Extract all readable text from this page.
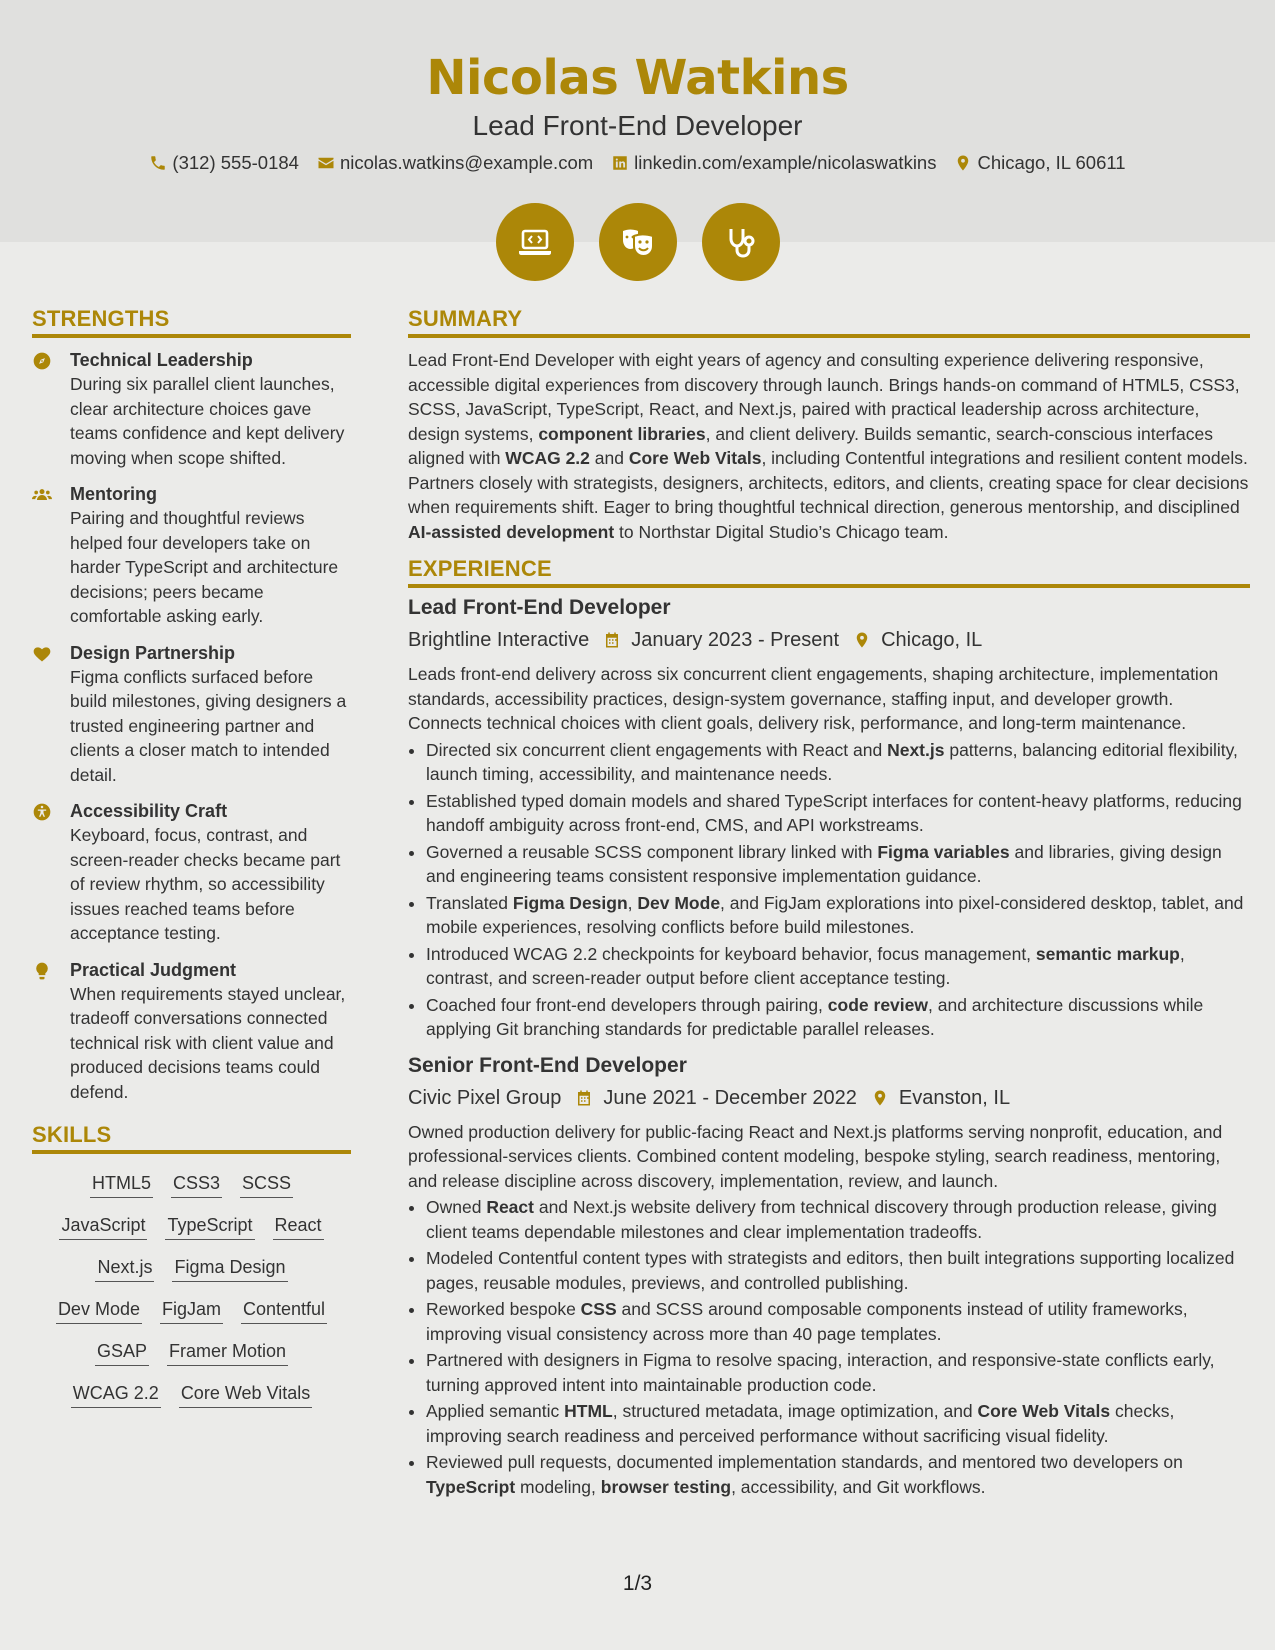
Nicolas Watkins
Lead Front-End Developer
(312) 555-0184 nicolas.watkins@example.com linkedin.com/example/nicolaswatkins Chicago, IL 60611
STRENGTHS
Technical Leadership
During six parallel client launches, clear architecture choices gave teams confidence and kept delivery moving when scope shifted.
Mentoring
Pairing and thoughtful reviews helped four developers take on harder TypeScript and architecture decisions; peers became comfortable asking early.
Design Partnership
Figma conflicts surfaced before build milestones, giving designers a trusted engineering partner and clients a closer match to intended detail.
Accessibility Craft
Keyboard, focus, contrast, and screen-reader checks became part of review rhythm, so accessibility issues reached teams before acceptance testing.
Practical Judgment
When requirements stayed unclear, tradeoff conversations connected technical risk with client value and produced decisions teams could defend.
SKILLS
HTML5 CSS3 SCSS
JavaScript TypeScript React
Next.js Figma Design
Dev Mode FigJam Contentful
GSAP Framer Motion
WCAG 2.2 Core Web Vitals
SUMMARY
Lead Front-End Developer with eight years of agency and consulting experience delivering responsive, accessible digital experiences from discovery through launch. Brings hands-on command of HTML5, CSS3, SCSS, JavaScript, TypeScript, React, and Next.js, paired with practical leadership across architecture, design systems, component libraries, and client delivery. Builds semantic, search-conscious interfaces aligned with WCAG 2.2 and Core Web Vitals, including Contentful integrations and resilient content models. Partners closely with strategists, designers, architects, editors, and clients, creating space for clear decisions when requirements shift. Eager to bring thoughtful technical direction, generous mentorship, and disciplined AI-assisted development to Northstar Digital Studio’s Chicago team.
EXPERIENCE
Lead Front-End Developer
Brightline Interactive January 2023 - Present Chicago, IL
Leads front-end delivery across six concurrent client engagements, shaping architecture, implementation standards, accessibility practices, design-system governance, staffing input, and developer growth. Connects technical choices with client goals, delivery risk, performance, and long-term maintenance.
• Directed six concurrent client engagements with React and Next.js patterns, balancing editorial flexibility, launch timing, accessibility, and maintenance needs.
• Established typed domain models and shared TypeScript interfaces for content-heavy platforms, reducing handoff ambiguity across front-end, CMS, and API workstreams.
• Governed a reusable SCSS component library linked with Figma variables and libraries, giving design and engineering teams consistent responsive implementation guidance.
• Translated Figma Design, Dev Mode, and FigJam explorations into pixel-considered desktop, tablet, and mobile experiences, resolving conflicts before build milestones.
• Introduced WCAG 2.2 checkpoints for keyboard behavior, focus management, semantic markup, contrast, and screen-reader output before client acceptance testing.
• Coached four front-end developers through pairing, code review, and architecture discussions while applying Git branching standards for predictable parallel releases.
Senior Front-End Developer
Civic Pixel Group June 2021 - December 2022 Evanston, IL
Owned production delivery for public-facing React and Next.js platforms serving nonprofit, education, and professional-services clients. Combined content modeling, bespoke styling, search readiness, mentoring, and release discipline across discovery, implementation, review, and launch.
• Owned React and Next.js website delivery from technical discovery through production release, giving client teams dependable milestones and clear implementation tradeoffs.
• Modeled Contentful content types with strategists and editors, then built integrations supporting localized pages, reusable modules, previews, and controlled publishing.
• Reworked bespoke CSS and SCSS around composable components instead of utility frameworks, improving visual consistency across more than 40 page templates.
• Partnered with designers in Figma to resolve spacing, interaction, and responsive-state conflicts early, turning approved intent into maintainable production code.
• Applied semantic HTML, structured metadata, image optimization, and Core Web Vitals checks, improving search readiness and perceived performance without sacrificing visual fidelity.
• Reviewed pull requests, documented implementation standards, and mentored two developers on TypeScript modeling, browser testing, accessibility, and Git workflows.
1/3
